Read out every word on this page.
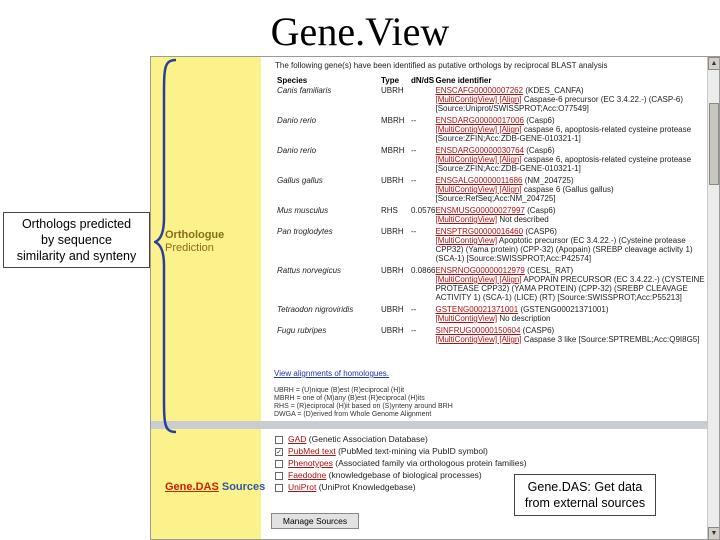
Gene.View
Orthologue
Prediction
Gene.DAS Sources
The following gene(s) have been identified as putative orthologs by reciprocal BLAST analysis
Species	Type	dN/dS	Gene identifier
Canis familiaris	UBRH		ENSCAFG00000007262 (KDES_CANFA)
[MultiContigView] [Align] Caspase-6 precursor (EC 3.4.22.-) (CASP-6) [Source:Uniprot/SWISSPROT;Acc:O77549]
Danio rerio	MBRH	--	ENSDARG00000017006 (Casp6)
[MultiContigView] [Align] caspase 6, apoptosis-related cysteine protease [Source:ZFIN;Acc:ZDB-GENE-010321-1]
Danio rerio	MBRH	--	ENSDARG00000030764 (Casp6)
[MultiContigView] [Align] caspase 6, apoptosis-related cysteine protease [Source:ZFIN;Acc:ZDB-GENE-010321-1]
Gallus gallus	UBRH	--	ENSGALG00000011686 (NM_204725)
[MultiContigView] [Align] caspase 6 (Gallus gallus) [Source:RefSeq;Acc:NM_204725]
Mus musculus	RHS	0.0576	ENSMUSG00000027997 (Casp6)
[MultiContigView] Not described
Pan troglodytes	UBRH	--	ENSPTRG00000016460 (CASP6)
[MultiContigView] Apoptotic precursor (EC 3.4.22.-) (Cysteine protease CPP32) (Yama protein) (CPP-32) (Apopain) (SREBP cleavage activity 1) (SCA-1) [Source:SWISSPROT;Acc:P42574]
Rattus norvegicus	UBRH	0.0866	ENSRNOG00000012979 (CESL_RAT)
[MultiContigView] [Align] APOPAIN PRECURSOR (EC 3.4.22.-) (CYSTEINE PROTEASE CPP32) (YAMA PROTEIN) (CPP-32) (SREBP CLEAVAGE ACTIVITY 1) (SCA-1) (LICE) (RT) [Source:SWISSPROT;Acc:P55213]
Tetraodon nigroviridis	UBRH	--	GSTENG00021371001 (GSTENG00021371001)
[MultiContigView] No description
Fugu rubripes	UBRH	--	SINFRUG00000150604 (CASP6)
[MultiContigView] [Align] Caspase 3 like [Source:SPTREMBL;Acc:Q9I8G5]
View alignments of homologues.
UBRH = (U)nique (B)est (R)eciprocal (H)it
MBRH = one of (M)any (B)est (R)eciprocal (H)its
RHS = (R)eciprocal (H)it based on (S)ynteny around BRH
DWGA = (D)erived from Whole Genome Alignment
GAD (Genetic Association Database)
✓ PubMed text (PubMed text-mining via PubID symbol)
Phenotypes (Associated family via orthologous protein families)
Faedodne (knowledgebase of biological processes)
UniProt (UniProt Knowledgebase)
Manage Sources
▲
▼
Orthologs predicted
by sequence
similarity and synteny
Gene.DAS: Get data
from external sources
